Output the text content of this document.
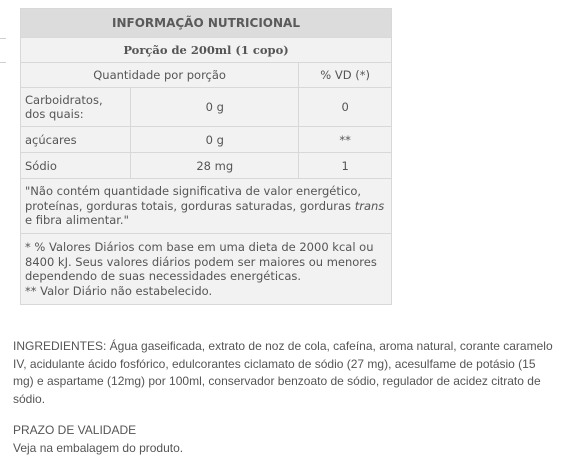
INFORMAÇÃO NUTRICIONAL		
Porção de 200ml (1 copo)		
Quantidade por porção		% VD (*)
Carboidratos, dos quais:	0 g	0
açúcares	0 g	**
Sódio	28 mg	1
"Não contém quantidade significativa de valor energético, proteínas, gorduras totais, gorduras saturadas, gorduras trans e fibra alimentar."		

* % Valores Diários com base em uma dieta de 2000 kcal ou 8400 kJ. Seus valores diários podem ser maiores ou menores dependendo de suas necessidades energéticas.
** Valor Diário não estabelecido.		

INGREDIENTES: Água gaseificada, extrato de noz de cola, cafeína, aroma natural, corante caramelo IV, acidulante ácido fosfórico, edulcorantes ciclamato de sódio (27 mg), acesulfame de potásio (15 mg) e aspartame (12mg) por 100ml, conservador benzoato de sódio, regulador de acidez citrato de sódio.

PRAZO DE VALIDADE
Veja na embalagem do produto.
